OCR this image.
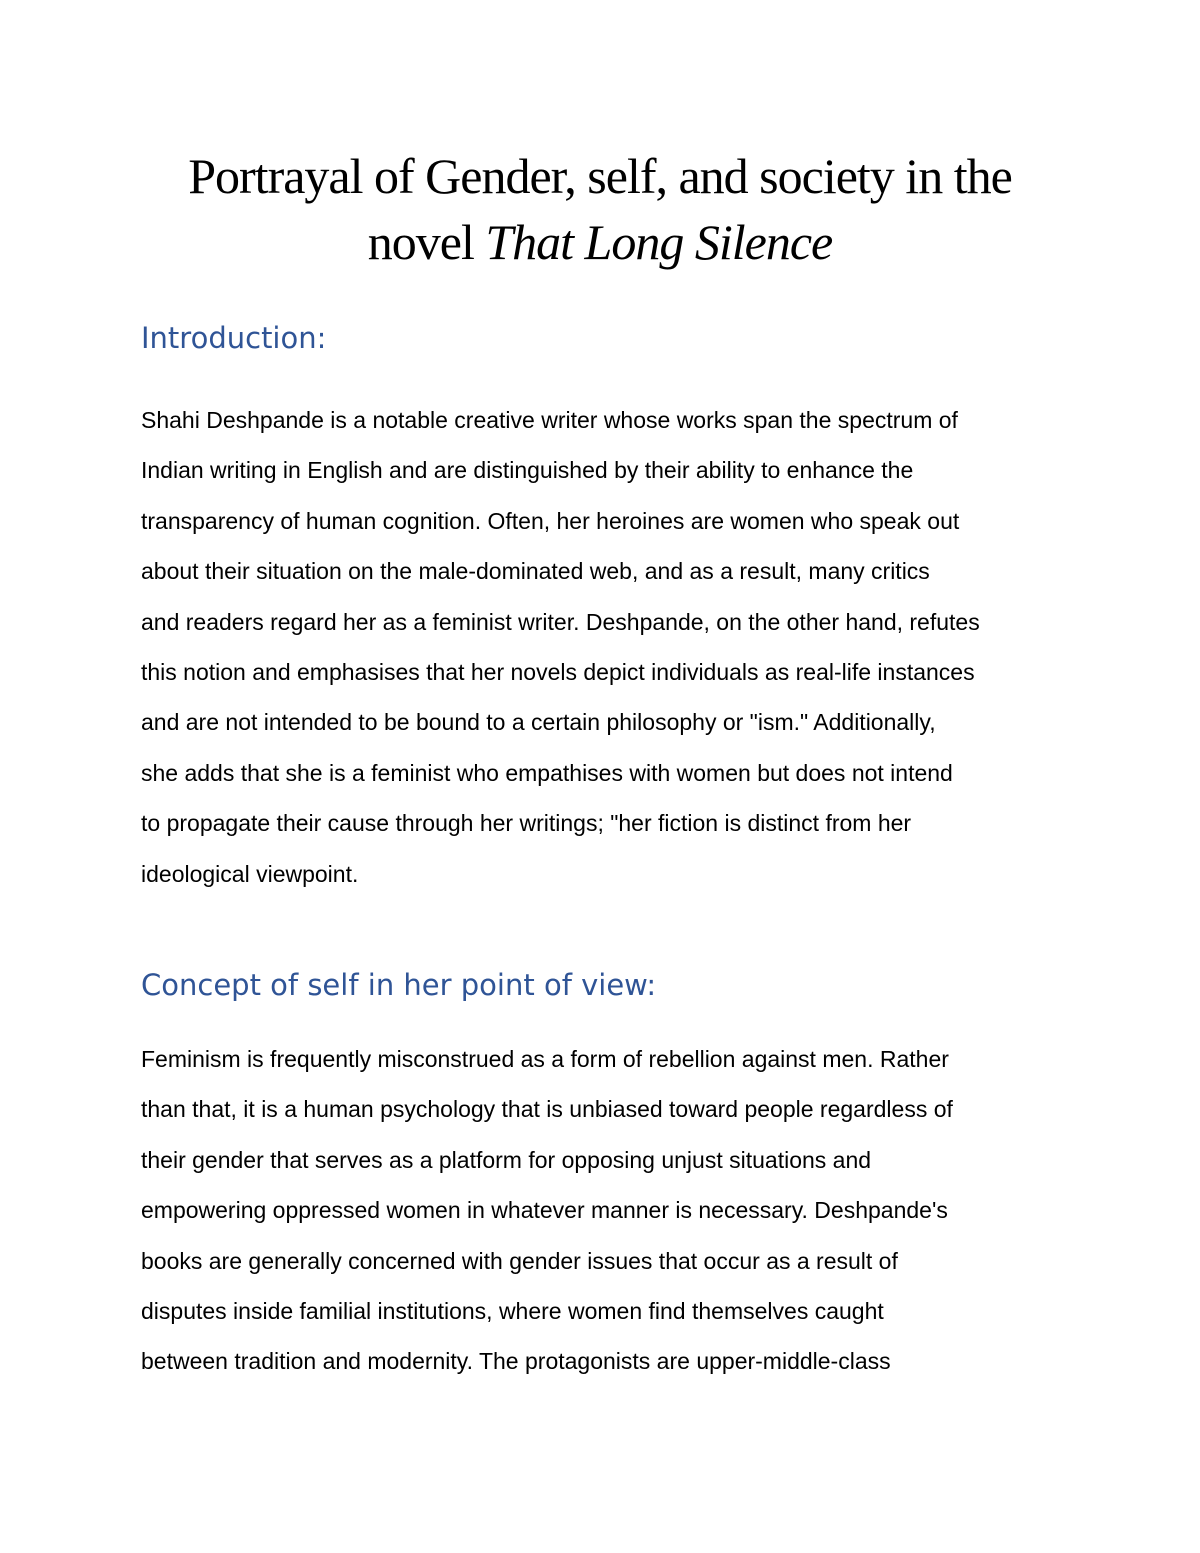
Portrayal of Gender, self, and society in the
novel That Long Silence
Introduction:
Shahi Deshpande is a notable creative writer whose works span the spectrum of
Indian writing in English and are distinguished by their ability to enhance the
transparency of human cognition. Often, her heroines are women who speak out
about their situation on the male-dominated web, and as a result, many critics
and readers regard her as a feminist writer. Deshpande, on the other hand, refutes
this notion and emphasises that her novels depict individuals as real-life instances
and are not intended to be bound to a certain philosophy or "ism." Additionally,
she adds that she is a feminist who empathises with women but does not intend
to propagate their cause through her writings; "her fiction is distinct from her
ideological viewpoint.
Concept of self in her point of view:
Feminism is frequently misconstrued as a form of rebellion against men. Rather
than that, it is a human psychology that is unbiased toward people regardless of
their gender that serves as a platform for opposing unjust situations and
empowering oppressed women in whatever manner is necessary. Deshpande's
books are generally concerned with gender issues that occur as a result of
disputes inside familial institutions, where women find themselves caught
between tradition and modernity. The protagonists are upper-middle-class
